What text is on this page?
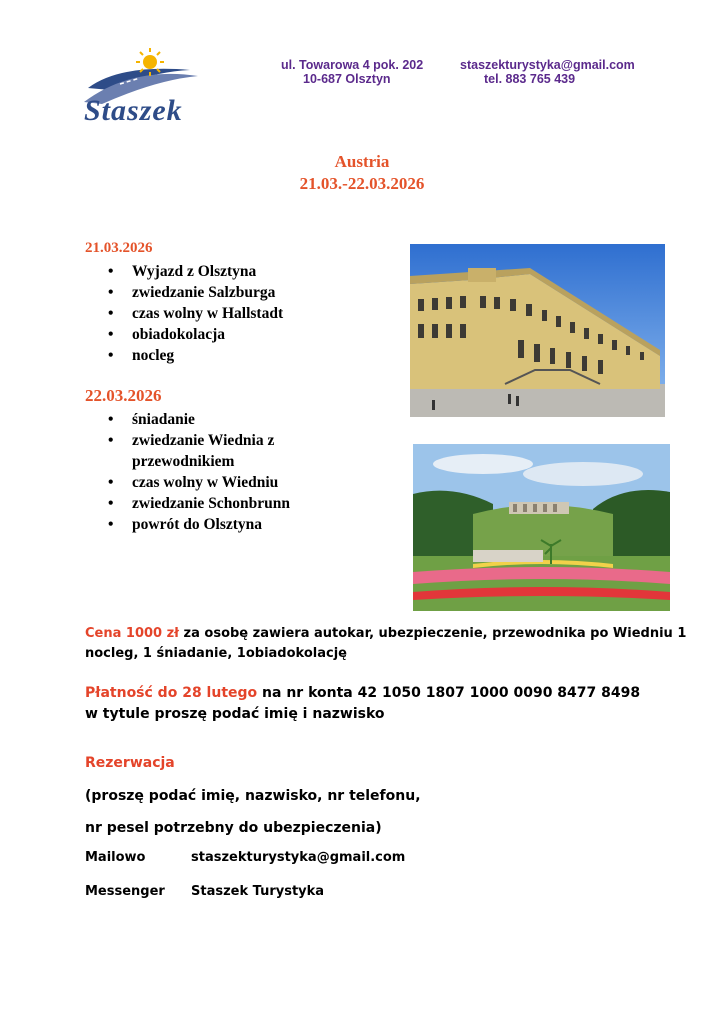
Staszek
ul. Towarowa 4 pok. 202
10-687 Olsztyn
staszekturystyka@gmail.com
tel. 883 765 439
Austria
21.03.-22.03.2026
21.03.2026
• Wyjazd z Olsztyna
• zwiedzanie Salzburga
• czas wolny w Hallstadt
• obiadokolacja
• nocleg
22.03.2026
• śniadanie
• zwiedzanie Wiednia z przewodnikiem
• czas wolny w Wiedniu
• zwiedzanie Schonbrunn
• powrót do Olsztyna
Cena 1000 zł za osobę zawiera autokar, ubezpieczenie, przewodnika po Wiedniu 1
nocleg, 1 śniadanie, 1obiadokolację
Płatność do 28 lutego na nr konta 42 1050 1807 1000 0090 8477 8498
w tytule proszę podać imię i nazwisko
Rezerwacja
(proszę podać imię, nazwisko, nr telefonu,
nr pesel potrzebny do ubezpieczenia)
Mailowo	staszekturystyka@gmail.com
Messenger Staszek Turystyka
